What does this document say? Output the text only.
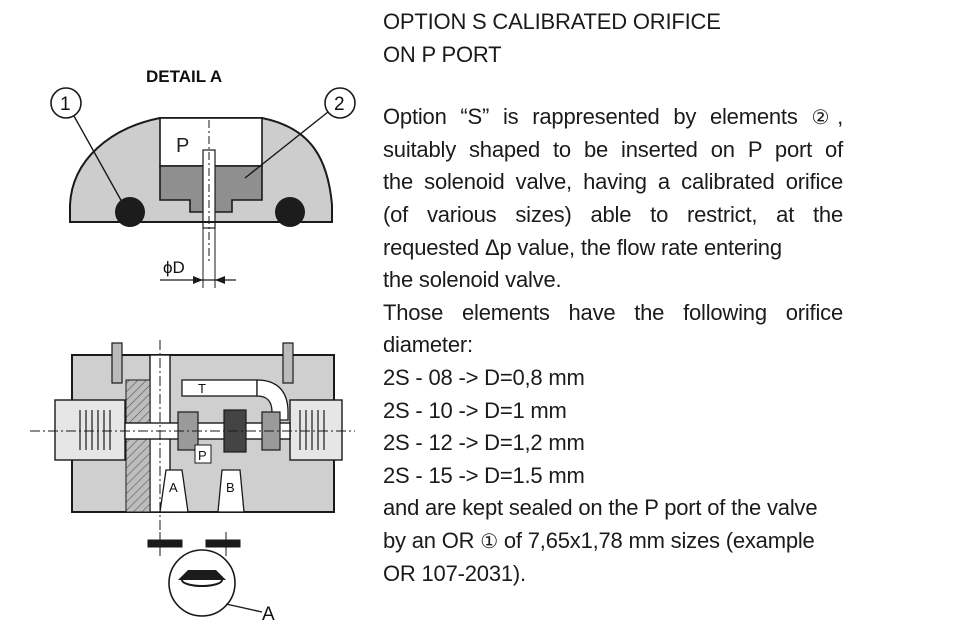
DETAIL A
P
1	2
ϕD
T
P
A	B
A
OPTION S CALIBRATED ORIFICE
ON P PORT
Option “S” is rappresented by elements ②,
suitably shaped to be inserted on P port of
the solenoid valve, having a calibrated orifice
(of various sizes) able to restrict, at the
requested Δp value, the flow rate entering
the solenoid valve.
Those elements have the following orifice
diameter:
2S - 08 -> D=0,8 mm
2S - 10 -> D=1 mm
2S - 12 -> D=1,2 mm
2S - 15 -> D=1.5 mm
and are kept sealed on the P port of the valve
by an OR ① of 7,65x1,78 mm sizes (example
OR 107-2031).
